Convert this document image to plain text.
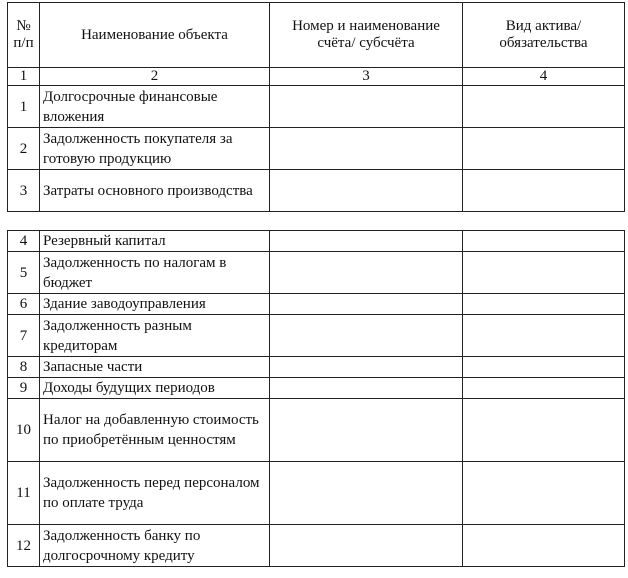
№ п/п	Наименование объекта	Номер и наименование счёта/ субсчёта	Вид актива/ обязательства
1	2	3	4
1	Долгосрочные финансовые вложения		
2	Задолженность покупателя за готовую продукцию		
3	Затраты основного производства		
4	Резервный капитал		
5	Задолженность по налогам в бюджет		
6	Здание заводоуправления		
7	Задолженность разным кредиторам		
8	Запасные части		
9	Доходы будущих периодов		
10	Налог на добавленную стоимость по приобретённым ценностям		
11	Задолженность перед персоналом по оплате труда		
12	Задолженность банку по долгосрочному кредиту		
